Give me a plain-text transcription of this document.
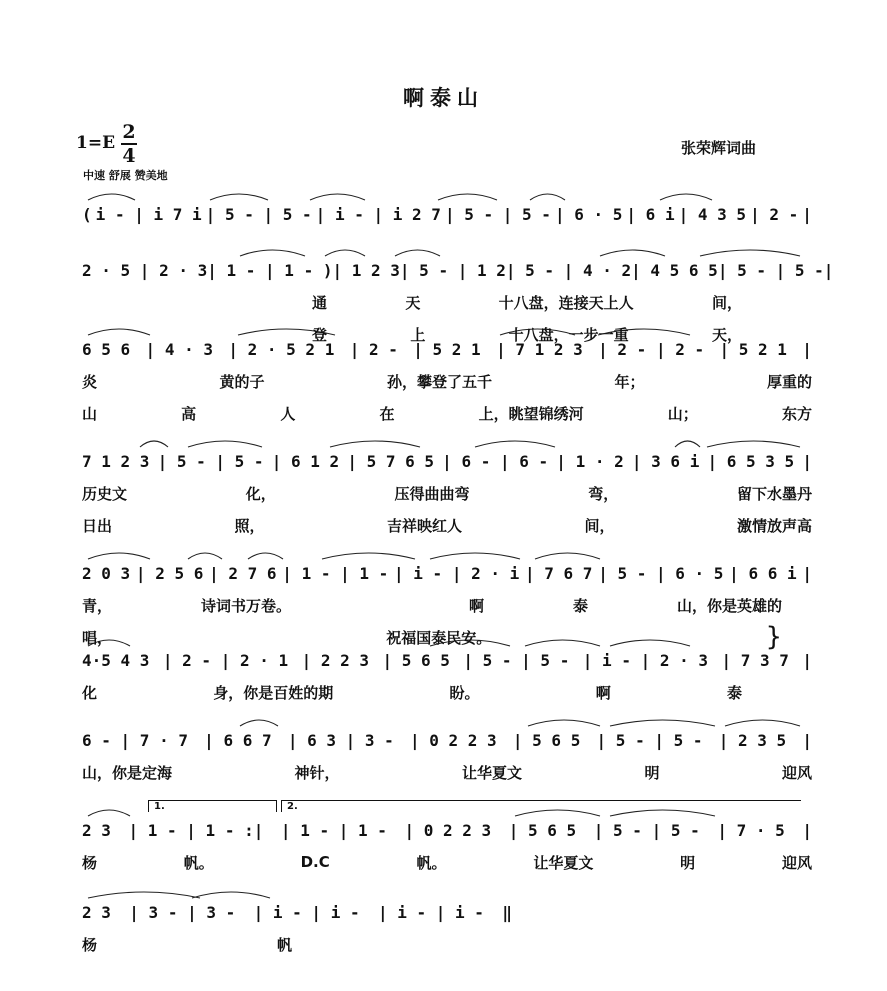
啊泰山
1=E 2
4	张荣辉词曲
中速 舒展 赞美地
( i - | i 7 i | 5 - | 5 - | i - | i 2 7 | 5 - | 5 - | 6 · 5 | 6 i | 4 3 5 | 2 - |
2 · 5 | 2 · 3 | 1 - | 1 - ) | 1 2 3 | 5 - | 1 2 | 5 - | 4 · 2 | 4 5 6 5 | 5 - | 5 - |
通	天	十八盘，连接天上人	间，
登	上	十八盘，一步一重	天，
6 5 6 | 4 · 3 | 2 · 5 2 1 | 2 - | 5 2 1 | 7 1 2 3 | 2 - | 2 - | 5 2 1 |
炎	黄的子	孙，攀登了五千	年；	厚重的
山	高	人	在	上，眺望锦绣河	山；	东方
7 1 2 3 | 5 - | 5 - | 6 1 2 | 5 7 6 5 | 6 - | 6 - | 1 · 2 | 3 6 i | 6 5 3 5 |
历史文	化，	压得曲曲弯	弯，	留下水墨丹
日出	照，	吉祥映红人	间，	激情放声高
2 0 3 | 2 5 6 | 2 7 6 | 1 - | 1 - | i - | 2 · i | 7 6 7 | 5 - | 6 · 5 | 6 6 i |
青，	诗词书万卷。	啊	泰	山，你是英雄的
唱，	祝福国泰民安。	}
4·5 4 3 | 2 - | 2 · 1 | 2 2 3 | 5 6 5 | 5 - | 5 - | i - | 2 · 3 | 7 3 7 |
化	身，你是百姓的期	盼。	啊	泰
6 - | 7 · 7 | 6 6 7 | 6 3 | 3 - | 0 2 2 3 | 5 6 5 | 5 - | 5 - | 2 3 5 |
山，你是定海	神针，	让华夏文	明	迎风
2 3 | 1 - | 1 - :| | 1 - | 1 - | 0 2 2 3 | 5 6 5 | 5 - | 5 - | 7 · 5 |
杨	帆。	D.C	帆。	让华夏文	明	迎风
2 3 | 3 - | 3 - | i - | i - | i - | i - ‖
杨	帆
1.	2.
